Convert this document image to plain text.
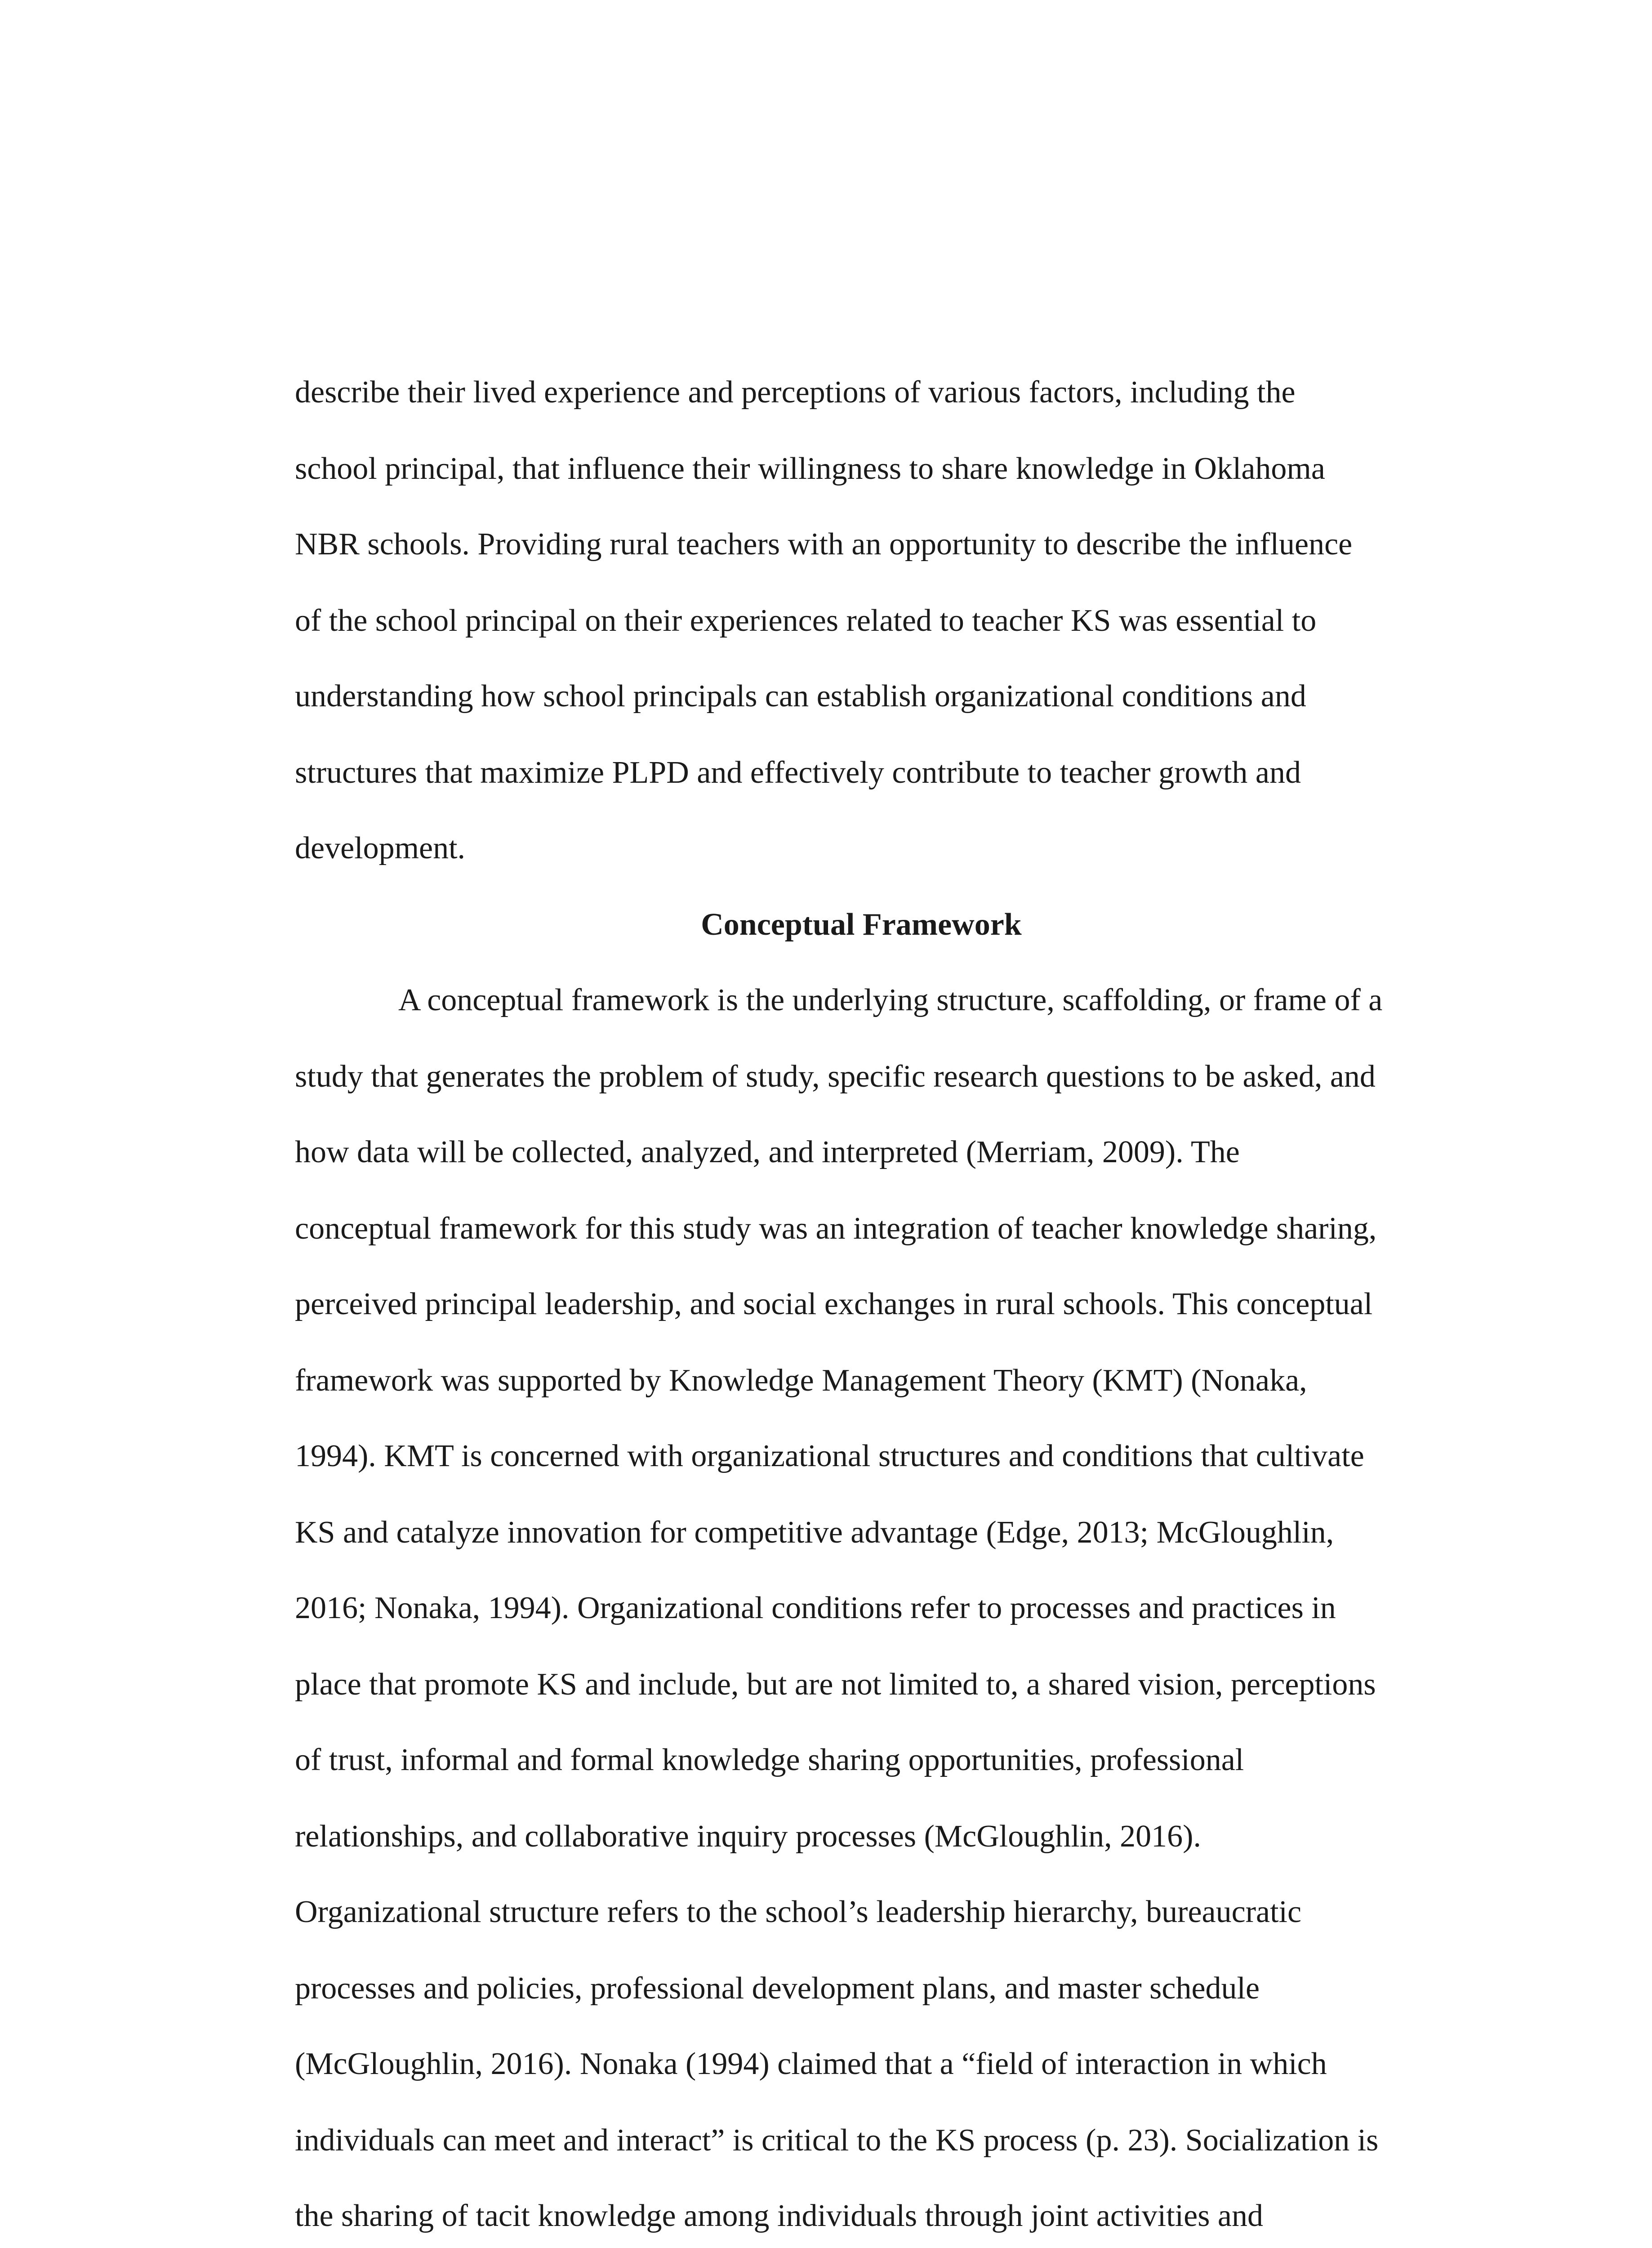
describe their lived experience and perceptions of various factors, including the
school principal, that influence their willingness to share knowledge in Oklahoma
NBR schools. Providing rural teachers with an opportunity to describe the influence
of the school principal on their experiences related to teacher KS was essential to
understanding how school principals can establish organizational conditions and
structures that maximize PLPD and effectively contribute to teacher growth and
development.
Conceptual Framework
A conceptual framework is the underlying structure, scaffolding, or frame of a
study that generates the problem of study, specific research questions to be asked, and
how data will be collected, analyzed, and interpreted (Merriam, 2009). The
conceptual framework for this study was an integration of teacher knowledge sharing,
perceived principal leadership, and social exchanges in rural schools. This conceptual
framework was supported by Knowledge Management Theory (KMT) (Nonaka,
1994). KMT is concerned with organizational structures and conditions that cultivate
KS and catalyze innovation for competitive advantage (Edge, 2013; McGloughlin,
2016; Nonaka, 1994). Organizational conditions refer to processes and practices in
place that promote KS and include, but are not limited to, a shared vision, perceptions
of trust, informal and formal knowledge sharing opportunities, professional
relationships, and collaborative inquiry processes (McGloughlin, 2016).
Organizational structure refers to the school’s leadership hierarchy, bureaucratic
processes and policies, professional development plans, and master schedule
(McGloughlin, 2016). Nonaka (1994) claimed that a “field of interaction in which
individuals can meet and interact” is critical to the KS process (p. 23). Socialization is
the sharing of tacit knowledge among individuals through joint activities and
